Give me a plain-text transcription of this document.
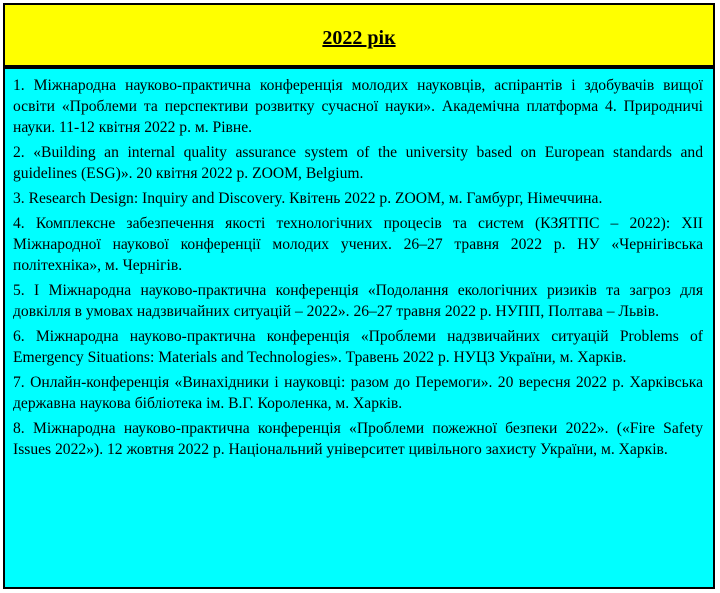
2022 рік

1. Міжнародна науково-практична конференція молодих науковців, аспірантів і здобувачів вищої освіти «Проблеми та перспективи розвитку сучасної науки». Академічна платформа 4. Природничі науки. 11-12 квітня 2022 р. м. Рівне.

2. «Building an internal quality assurance system of the university based on European standards and guidelines (ESG)». 20 квітня 2022 р. ZOOM, Belgium.

3. Research Design: Inquiry and Discovery. Квітень 2022 р. ZOOM, м. Гамбург, Німеччина.

4. Комплексне забезпечення якості технологічних процесів та систем (КЗЯТПС – 2022): XII Міжнародної наукової конференції молодих учених. 26–27 травня 2022 р. НУ «Чернігівська політехніка», м. Чернігів.

5. І Міжнародна науково-практична конференція «Подолання екологічних ризиків та загроз для довкілля в умовах надзвичайних ситуацій – 2022». 26–27 травня 2022 р. НУПП, Полтава – Львів.

6. Міжнародна науково-практична конференція «Проблеми надзвичайних ситуацій Problems of Emergency Situations: Materials and Technologies». Травень 2022 р. НУЦЗ України, м. Харків.

7. Онлайн-конференція «Винахідники і науковці: разом до Перемоги». 20 вересня 2022 р. Харківська державна наукова бібліотека ім. В.Г. Короленка, м. Харків.

8. Міжнародна науково-практична конференція «Проблеми пожежної безпеки 2022». («Fire Safety Issues 2022»). 12 жовтня 2022 р. Національний університет цивільного захисту України, м. Харків.
